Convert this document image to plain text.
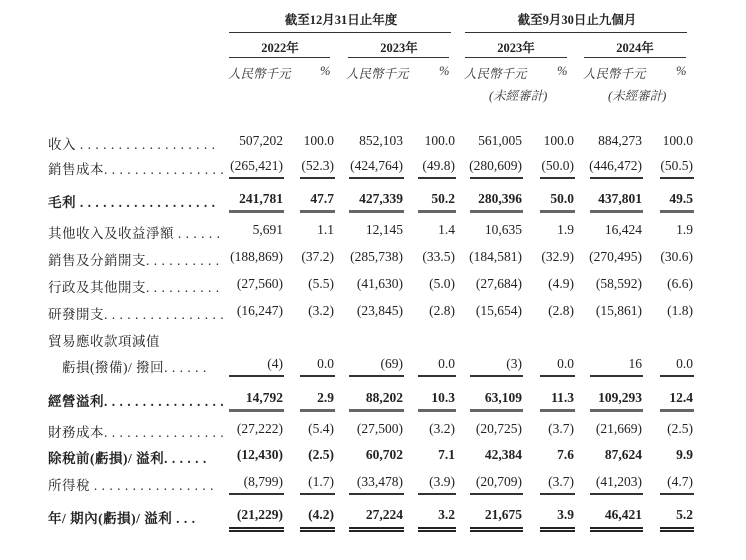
截至12月31日止年度	截至9月30日止九個月
2022年	2023年	2023年	2024年
人民幣千元 % 人民幣千元 % 人民幣千元 % 人民幣千元 %
(未經審計)	(未經審計)
收入 . . . . . . . . . . . . . . . . . . 507,202 100.0 852,103 100.0 561,005 100.0 884,273 100.0
銷售成本. . . . . . . . . . . . . . . . (265,421) (52.3) (424,764) (49.8) (280,609) (50.0) (446,472) (50.5)
毛利 . . . . . . . . . . . . . . . . . . 241,781 47.7 427,339 50.2 280,396 50.0 437,801 49.5
其他收入及收益淨額 . . . . . . 5,691	1.1 12,145	1.4 10,635	1.9 16,424	1.9
銷售及分銷開支. . . . . . . . . . (188,869) (37.2) (285,738) (33.5) (184,581) (32.9) (270,495) (30.6)
行政及其他開支. . . . . . . . . . (27,560) (5.5) (41,630) (5.0) (27,684) (4.9) (58,592) (6.6)
研發開支. . . . . . . . . . . . . . . . (16,247) (3.2) (23,845) (2.8) (15,654) (2.8) (15,861) (1.8)
貿易應收款項減值
　虧損(撥備)/ 撥回. . . . . .	(4)	0.0	(69)	0.0	(3)	0.0	16	0.0
經營溢利. . . . . . . . . . . . . . . . 14,792	2.9 88,202 10.3 63,109 11.3 109,293 12.4
財務成本. . . . . . . . . . . . . . . . (27,222) (5.4) (27,500) (3.2) (20,725) (3.7) (21,669) (2.5)
除稅前(虧損)/ 溢利. . . . . . (12,430) (2.5) 60,702	7.1 42,384	7.6 87,624	9.9
所得稅 . . . . . . . . . . . . . . . . (8,799) (1.7) (33,478) (3.9) (20,709) (3.7) (41,203) (4.7)
年/ 期內(虧損)/ 溢利 . . .	(21,229) (4.2) 27,224	3.2 21,675	3.9 46,421	5.2
